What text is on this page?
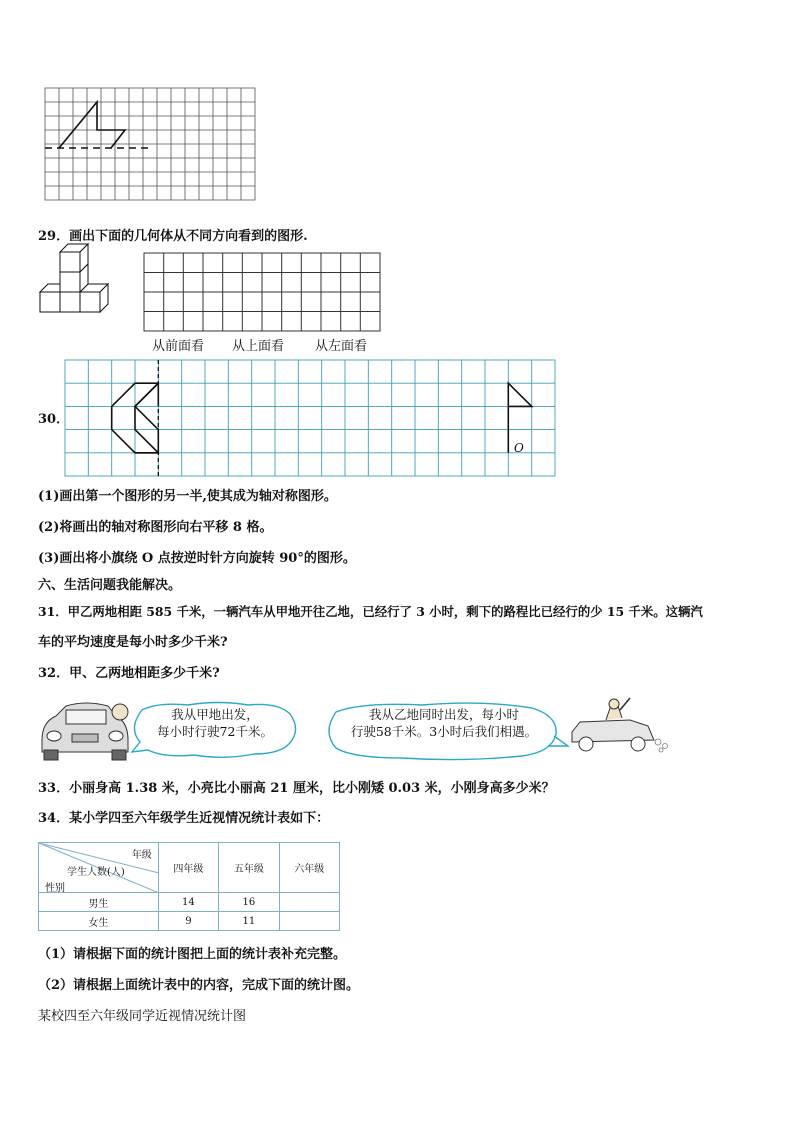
29．画出下面的几何体从不同方向看到的图形.
从前面看 从上面看 从左面看
30．
O
(1)画出第一个图形的另一半,使其成为轴对称图形。
(2)将画出的轴对称图形向右平移 8 格。
(3)画出将小旗绕 O 点按逆时针方向旋转 90°的图形。
六、生活问题我能解决。
31．甲乙两地相距 585 千米，一辆汽车从甲地开往乙地，已经行了 3 小时，剩下的路程比已经行的少 15 千米。这辆汽
车的平均速度是每小时多少千米?
32．甲、乙两地相距多少千米?
我从甲地出发，
每小时行驶72千米。
我从乙地同时出发，每小时
行驶58千米。3小时后我们相遇。
33．小丽身高 1.38 米，小亮比小丽高 21 厘米，比小刚矮 0.03 米，小刚身高多少米？
34．某小学四至六年级学生近视情况统计表如下：
年级
学生人数(人)
性别	四年级	五年级	六年级
男生	14	16	
女生	9	11	
（1）请根据下面的统计图把上面的统计表补充完整。
（2）请根据上面统计表中的内容，完成下面的统计图。
某校四至六年级同学近视情况统计图
